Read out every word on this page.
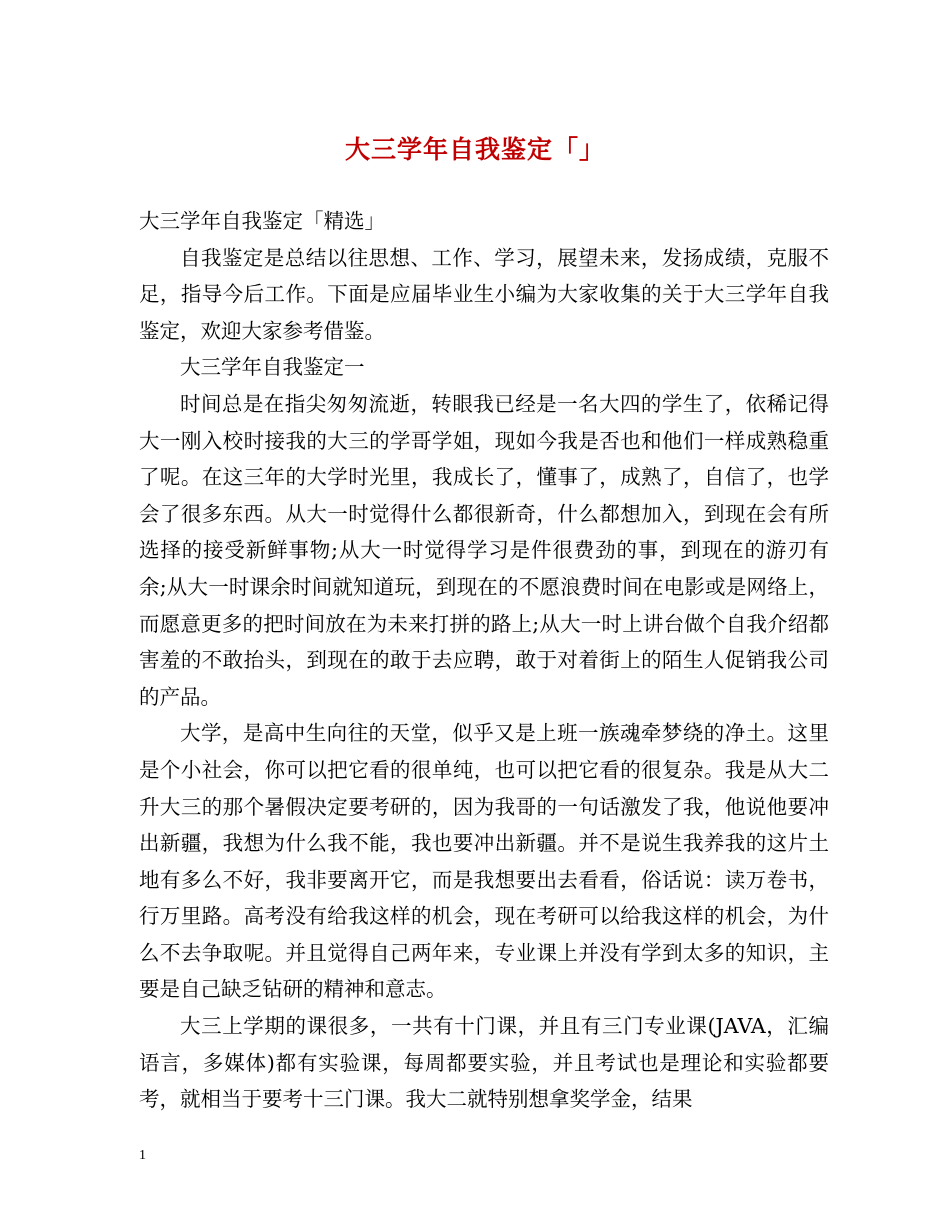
大三学年自我鉴定「」

大三学年自我鉴定「精选」

自我鉴定是总结以往思想、工作、学习，展望未来，发扬成绩，克服不足，指导今后工作。下面是应届毕业生小编为大家收集的关于大三学年自我鉴定，欢迎大家参考借鉴。

大三学年自我鉴定一

时间总是在指尖匆匆流逝，转眼我已经是一名大四的学生了，依稀记得大一刚入校时接我的大三的学哥学姐，现如今我是否也和他们一样成熟稳重了呢。在这三年的大学时光里，我成长了，懂事了，成熟了，自信了，也学会了很多东西。从大一时觉得什么都很新奇，什么都想加入，到现在会有所选择的接受新鲜事物;从大一时觉得学习是件很费劲的事，到现在的游刃有余;从大一时课余时间就知道玩，到现在的不愿浪费时间在电影或是网络上，而愿意更多的把时间放在为未来打拼的路上;从大一时上讲台做个自我介绍都害羞的不敢抬头，到现在的敢于去应聘，敢于对着街上的陌生人促销我公司的产品。

大学，是高中生向往的天堂，似乎又是上班一族魂牵梦绕的净土。这里是个小社会，你可以把它看的很单纯，也可以把它看的很复杂。我是从大二升大三的那个暑假决定要考研的，因为我哥的一句话激发了我，他说他要冲出新疆，我想为什么我不能，我也要冲出新疆。并不是说生我养我的这片土地有多么不好，我非要离开它，而是我想要出去看看，俗话说：读万卷书，行万里路。高考没有给我这样的机会，现在考研可以给我这样的机会，为什么不去争取呢。并且觉得自己两年来，专业课上并没有学到太多的知识，主要是自己缺乏钻研的精神和意志。

大三上学期的课很多，一共有十门课，并且有三门专业课(JAVA，汇编语言，多媒体)都有实验课，每周都要实验，并且考试也是理论和实验都要考，就相当于要考十三门课。我大二就特别想拿奖学金，结果

1
